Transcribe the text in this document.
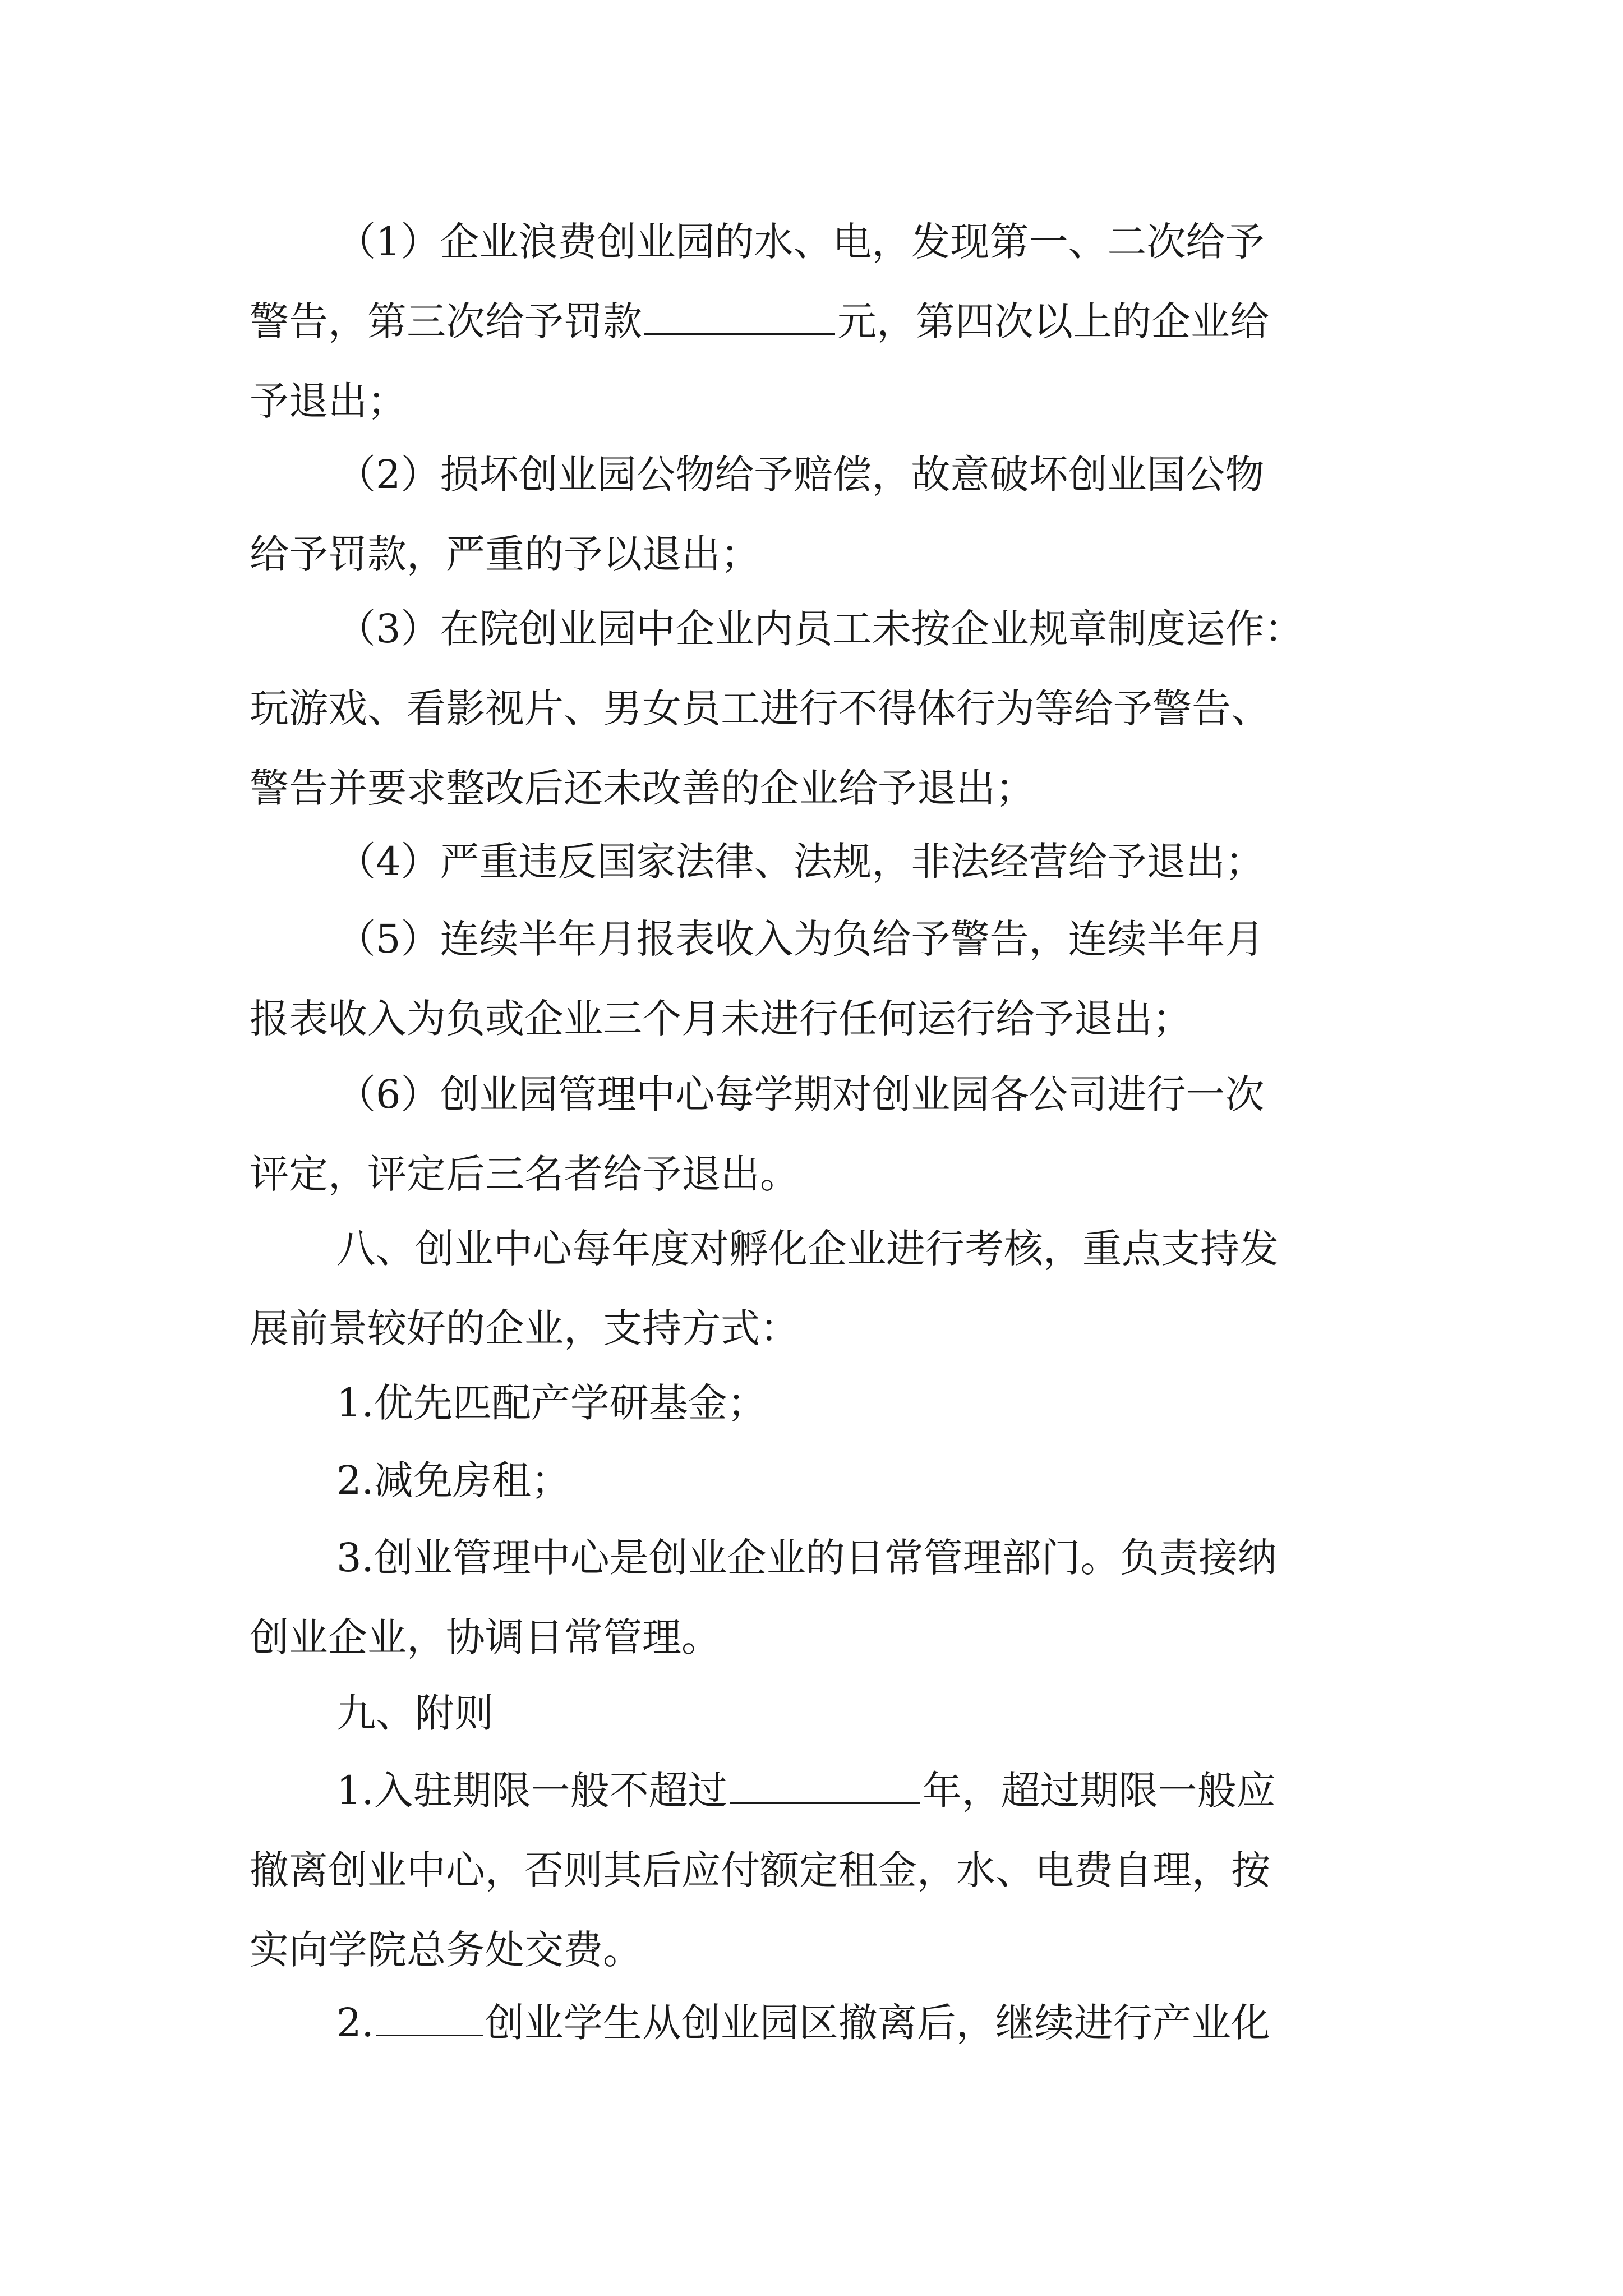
（1）企业浪费创业园的水、电，发现第一、二次给予
警告，第三次给予罚款	元，第四次以上的企业给
予退出；
（2）损坏创业园公物给予赔偿，故意破坏创业国公物
给予罚款，严重的予以退出；
（3）在院创业园中企业内员工未按企业规章制度运作：
玩游戏、看影视片、男女员工进行不得体行为等给予警告、
警告并要求整改后还未改善的企业给予退出；
（4）严重违反国家法律、法规，非法经营给予退出；
（5）连续半年月报表收入为负给予警告，连续半年月
报表收入为负或企业三个月未进行任何运行给予退出；
（6）创业园管理中心每学期对创业园各公司进行一次
评定，评定后三名者给予退出。
八、创业中心每年度对孵化企业进行考核，重点支持发
展前景较好的企业，支持方式：
1.优先匹配产学研基金；
2.减免房租；
3.创业管理中心是创业企业的日常管理部门。负责接纳
创业企业，协调日常管理。
九、附则
1.入驻期限一般不超过	年，超过期限一般应
撤离创业中心，否则其后应付额定租金，水、电费自理，按
实向学院总务处交费。
2.	创业学生从创业园区撤离后，继续进行产业化
